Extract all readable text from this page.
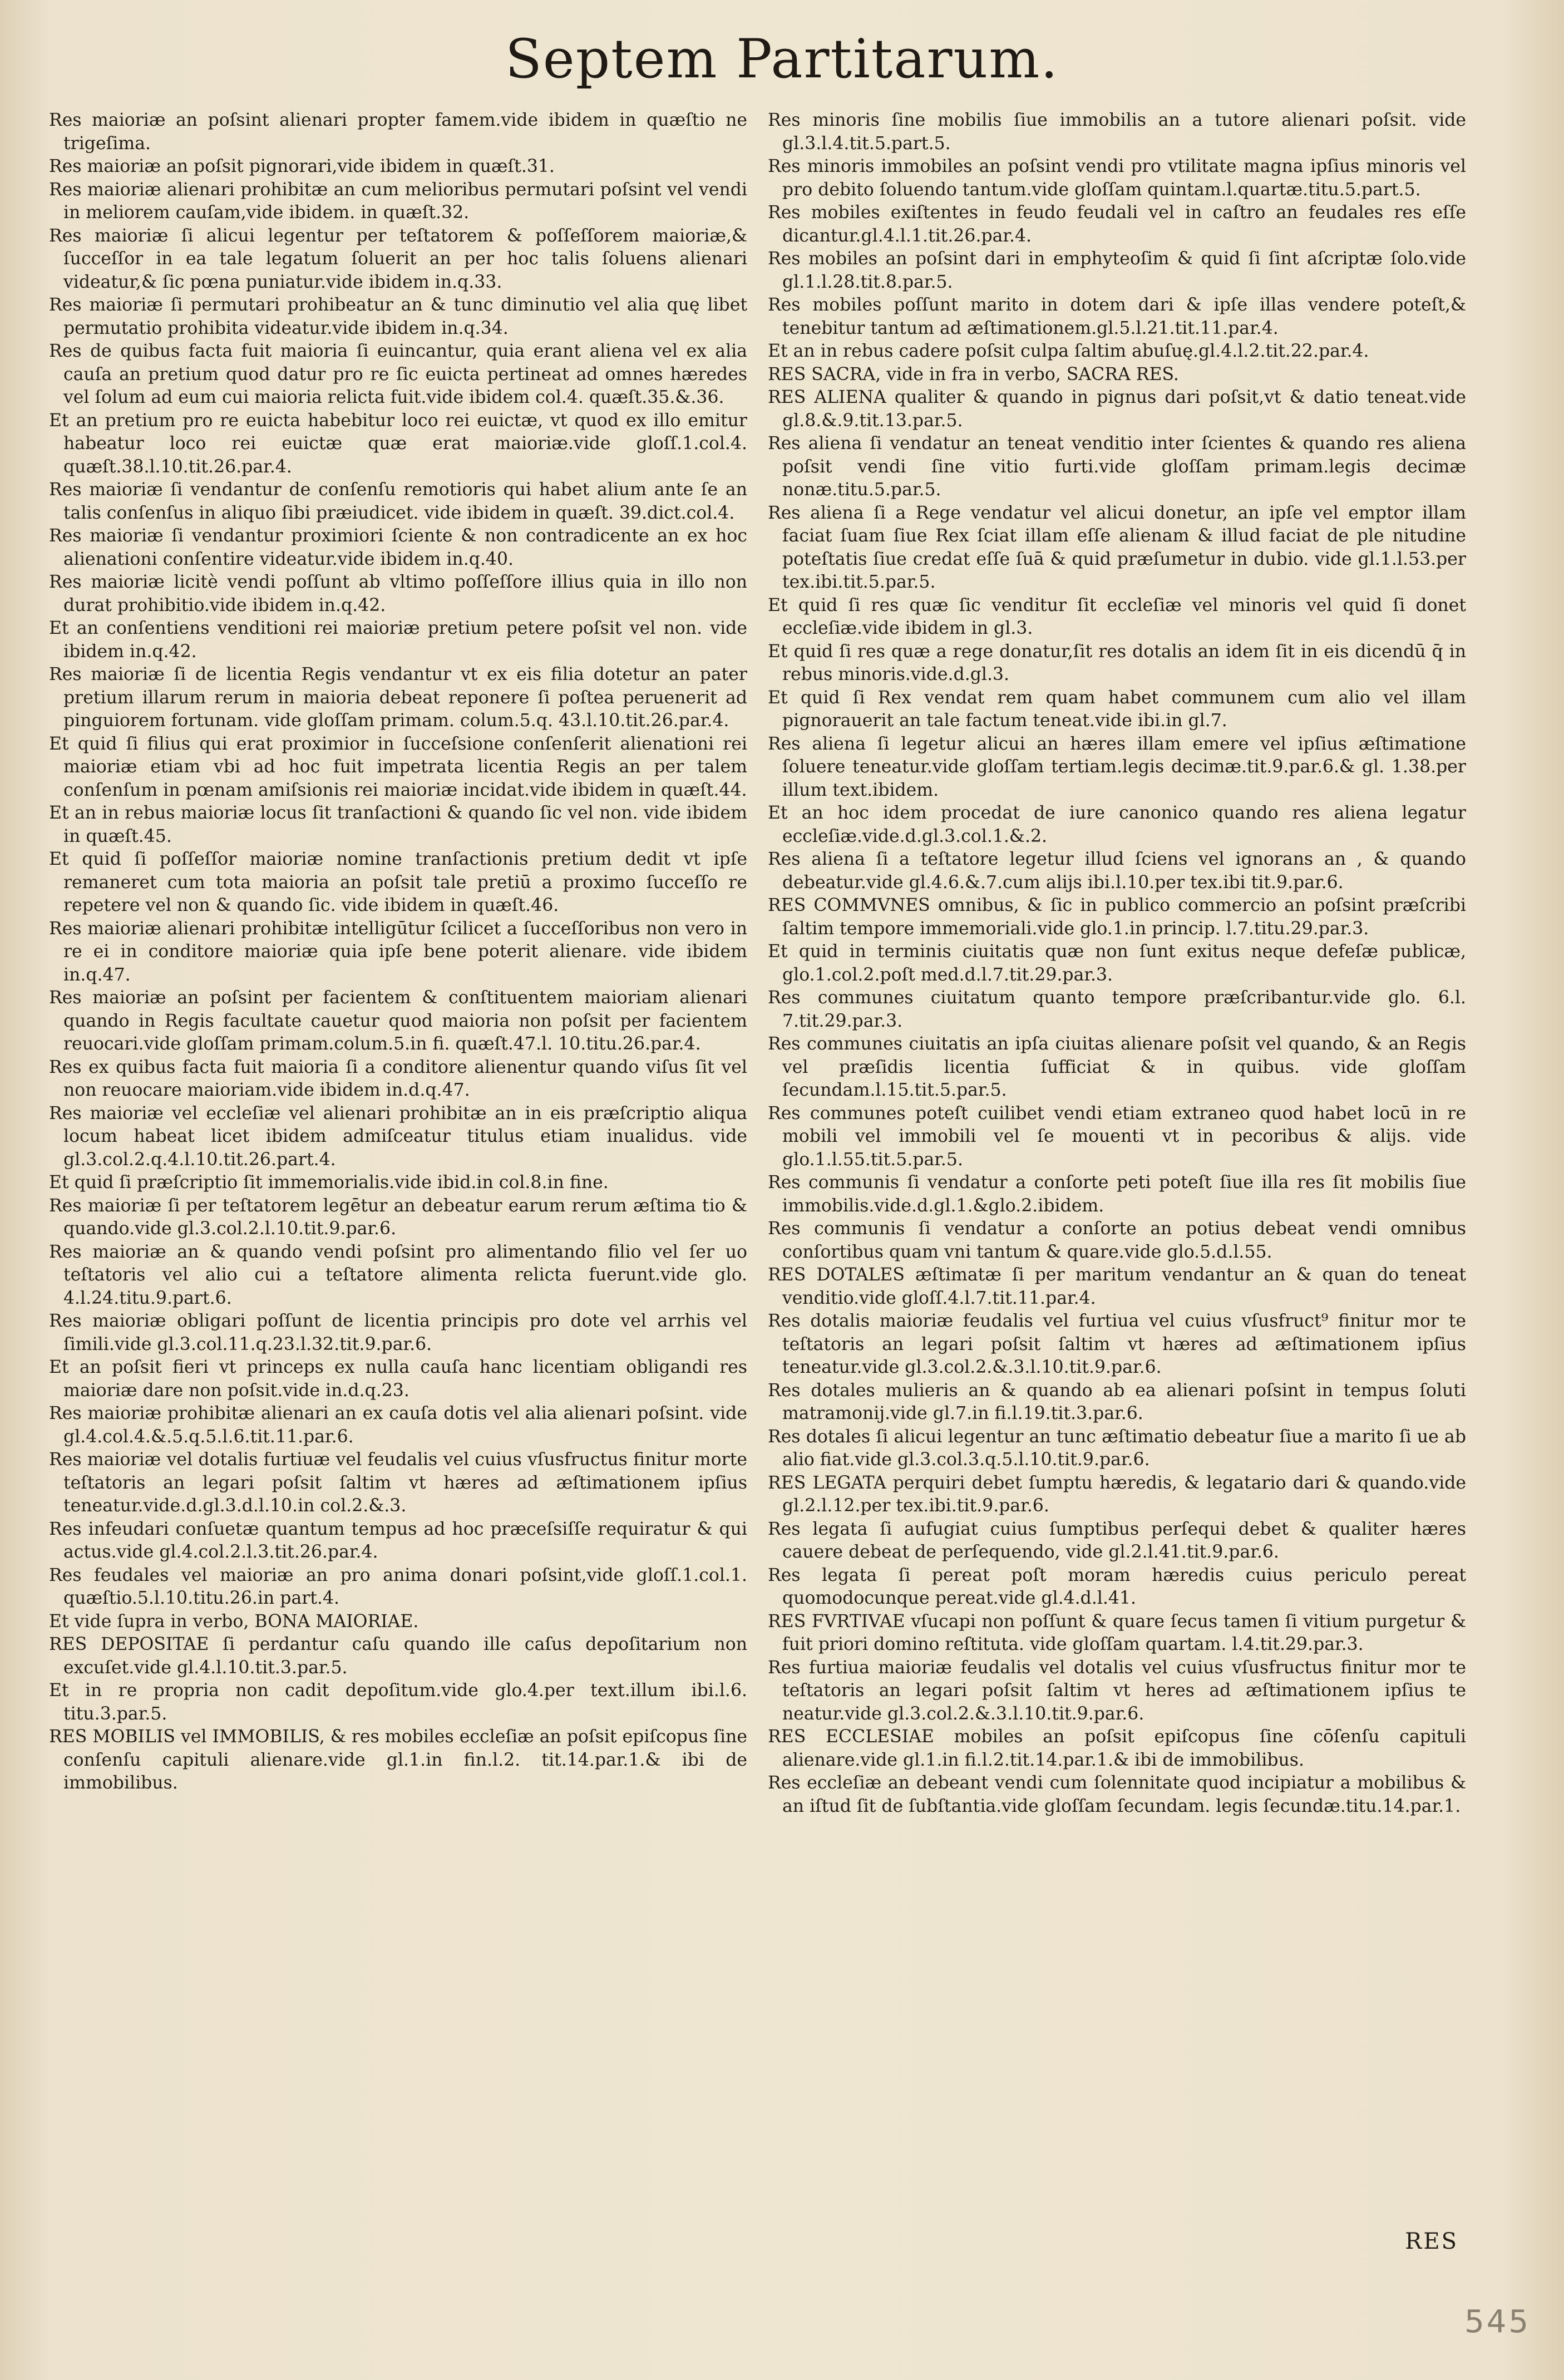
Septem Partitarum.
Res maioriæ an poſsint alienari propter famem.vide ibidem in quæſtio ne trigeſima.
Res maioriæ an poſsit pignorari,vide ibidem in quæſt.31.
Res maioriæ alienari prohibitæ an cum melioribus permutari poſsint vel vendi in meliorem cauſam,vide ibidem. in quæſt.32.
Res maioriæ ſi alicui legentur per teſtatorem & poſſeſſorem maioriæ,& ſucceſſor in ea tale legatum ſoluerit an per hoc talis ſoluens alienari videatur,& ſic pœna puniatur.vide ibidem in.q.33.
Res maioriæ ſi permutari prohibeatur an & tunc diminutio vel alia quę libet permutatio prohibita videatur.vide ibidem in.q.34.
Res de quibus facta fuit maioria ſi euincantur, quia erant aliena vel ex alia cauſa an pretium quod datur pro re ſic euicta pertineat ad omnes hæredes vel ſolum ad eum cui maioria relicta fuit.vide ibidem col.4. quæſt.35.&.36.
Et an pretium pro re euicta habebitur loco rei euictæ, vt quod ex illo emitur habeatur loco rei euictæ quæ erat maioriæ.vide gloſſ.1.col.4. quæſt.38.l.10.tit.26.par.4.
Res maioriæ ſi vendantur de conſenſu remotioris qui habet alium ante ſe an talis conſenſus in aliquo ſibi præiudicet. vide ibidem in quæſt. 39.dict.col.4.
Res maioriæ ſi vendantur proximiori ſciente & non contradicente an ex hoc alienationi conſentire videatur.vide ibidem in.q.40.
Res maioriæ licitè vendi poſſunt ab vltimo poſſeſſore illius quia in illo non durat prohibitio.vide ibidem in.q.42.
Et an conſentiens venditioni rei maioriæ pretium petere poſsit vel non. vide ibidem in.q.42.
Res maioriæ ſi de licentia Regis vendantur vt ex eis filia dotetur an pater pretium illarum rerum in maioria debeat reponere ſi poſtea peruenerit ad pinguiorem fortunam. vide gloſſam primam. colum.5.q. 43.l.10.tit.26.par.4.
Et quid ſi filius qui erat proximior in ſucceſsione conſenſerit alienationi rei maioriæ etiam vbi ad hoc fuit impetrata licentia Regis an per talem conſenſum in pœnam amiſsionis rei maioriæ incidat.vide ibidem in quæſt.44.
Et an in rebus maioriæ locus ſit tranſactioni & quando ſic vel non. vide ibidem in quæſt.45.
Et quid ſi poſſeſſor maioriæ nomine tranſactionis pretium dedit vt ipſe remaneret cum tota maioria an poſsit tale pretiū a proximo ſucceſſo re repetere vel non & quando ſic. vide ibidem in quæſt.46.
Res maioriæ alienari prohibitæ intelligūtur ſcilicet a ſucceſſoribus non vero in re ei in conditore maioriæ quia ipſe bene poterit alienare. vide ibidem in.q.47.
Res maioriæ an poſsint per facientem & conſtituentem maioriam alienari quando in Regis facultate cauetur quod maioria non poſsit per facientem reuocari.vide gloſſam primam.colum.5.in fi. quæſt.47.l. 10.titu.26.par.4.
Res ex quibus facta fuit maioria ſi a conditore alienentur quando viſus ſit vel non reuocare maioriam.vide ibidem in.d.q.47.
Res maioriæ vel eccleſiæ vel alienari prohibitæ an in eis præſcriptio aliqua locum habeat licet ibidem admiſceatur titulus etiam inualidus. vide gl.3.col.2.q.4.l.10.tit.26.part.4.
Et quid ſi præſcriptio ſit immemorialis.vide ibid.in col.8.in fine.
Res maioriæ ſi per teſtatorem legētur an debeatur earum rerum æſtima tio & quando.vide gl.3.col.2.l.10.tit.9.par.6.
Res maioriæ an & quando vendi poſsint pro alimentando filio vel ſer uo teſtatoris vel alio cui a teſtatore alimenta relicta fuerunt.vide glo. 4.l.24.titu.9.part.6.
Res maioriæ obligari poſſunt de licentia principis pro dote vel arrhis vel ſimili.vide gl.3.col.11.q.23.l.32.tit.9.par.6.
Et an poſsit fieri vt princeps ex nulla cauſa hanc licentiam obligandi res maioriæ dare non poſsit.vide in.d.q.23.
Res maioriæ prohibitæ alienari an ex cauſa dotis vel alia alienari poſsint. vide gl.4.col.4.&.5.q.5.l.6.tit.11.par.6.
Res maioriæ vel dotalis furtiuæ vel feudalis vel cuius vſusfructus finitur morte teſtatoris an legari poſsit ſaltim vt hæres ad æſtimationem ipſius teneatur.vide.d.gl.3.d.l.10.in col.2.&.3.
Res infeudari conſuetæ quantum tempus ad hoc præceſsiſſe requiratur & qui actus.vide gl.4.col.2.l.3.tit.26.par.4.
Res feudales vel maioriæ an pro anima donari poſsint,vide gloſſ.1.col.1. quæſtio.5.l.10.titu.26.in part.4.
Et vide ſupra in verbo, BONA MAIORIAE.
RES DEPOSITAE ſi perdantur caſu quando ille caſus depoſitarium non excuſet.vide gl.4.l.10.tit.3.par.5.
Et in re propria non cadit depoſitum.vide glo.4.per text.illum ibi.l.6. titu.3.par.5.
RES MOBILIS vel IMMOBILIS, & res mobiles eccleſiæ an poſsit epiſcopus ſine conſenſu capituli alienare.vide gl.1.in fin.l.2. tit.14.par.1.& ibi de immobilibus.
Res minoris ſine mobilis ſiue immobilis an a tutore alienari poſsit. vide gl.3.l.4.tit.5.part.5.
Res minoris immobiles an poſsint vendi pro vtilitate magna ipſius minoris vel pro debito ſoluendo tantum.vide gloſſam quintam.l.quartæ.titu.5.part.5.
Res mobiles exiſtentes in feudo feudali vel in caſtro an feudales res eſſe dicantur.gl.4.l.1.tit.26.par.4.
Res mobiles an poſsint dari in emphyteoſim & quid ſi ſint aſcriptæ ſolo.vide gl.1.l.28.tit.8.par.5.
Res mobiles poſſunt marito in dotem dari & ipſe illas vendere poteſt,& tenebitur tantum ad æſtimationem.gl.5.l.21.tit.11.par.4.
Et an in rebus cadere poſsit culpa ſaltim abuſuę.gl.4.l.2.tit.22.par.4.
RES SACRA, vide in fra in verbo, SACRA RES.
RES ALIENA qualiter & quando in pignus dari poſsit,vt & datio teneat.vide gl.8.&.9.tit.13.par.5.
Res aliena ſi vendatur an teneat venditio inter ſcientes & quando res aliena poſsit vendi ſine vitio furti.vide gloſſam primam.legis decimæ nonæ.titu.5.par.5.
Res aliena ſi a Rege vendatur vel alicui donetur, an ipſe vel emptor illam faciat ſuam ſiue Rex ſciat illam eſſe alienam & illud faciat de ple nitudine poteſtatis ſiue credat eſſe ſuā & quid præſumetur in dubio. vide gl.1.l.53.per tex.ibi.tit.5.par.5.
Et quid ſi res quæ ſic venditur ſit eccleſiæ vel minoris vel quid ſi donet eccleſiæ.vide ibidem in gl.3.
Et quid ſi res quæ a rege donatur,ſit res dotalis an idem ſit in eis dicendū q̄ in rebus minoris.vide.d.gl.3.
Et quid ſi Rex vendat rem quam habet communem cum alio vel illam pignorauerit an tale factum teneat.vide ibi.in gl.7.
Res aliena ſi legetur alicui an hæres illam emere vel ipſius æſtimatione ſoluere teneatur.vide gloſſam tertiam.legis decimæ.tit.9.par.6.& gl. 1.38.per illum text.ibidem.
Et an hoc idem procedat de iure canonico quando res aliena legatur eccleſiæ.vide.d.gl.3.col.1.&.2.
Res aliena ſi a teſtatore legetur illud ſciens vel ignorans an , & quando debeatur.vide gl.4.6.&.7.cum alijs ibi.l.10.per tex.ibi tit.9.par.6.
RES COMMVNES omnibus, & ſic in publico commercio an poſsint præſcribi ſaltim tempore immemoriali.vide glo.1.in princip. l.7.titu.29.par.3.
Et quid in terminis ciuitatis quæ non ſunt exitus neque defeſæ publicæ, glo.1.col.2.poſt med.d.l.7.tit.29.par.3.
Res communes ciuitatum quanto tempore præſcribantur.vide glo. 6.l. 7.tit.29.par.3.
Res communes ciuitatis an ipſa ciuitas alienare poſsit vel quando, & an Regis vel præſidis licentia ſufficiat & in quibus. vide gloſſam ſecundam.l.15.tit.5.par.5.
Res communes poteſt cuilibet vendi etiam extraneo quod habet locū in re mobili vel immobili vel ſe mouenti vt in pecoribus & alijs. vide glo.1.l.55.tit.5.par.5.
Res communis ſi vendatur a conſorte peti poteſt ſiue illa res ſit mobilis ſiue immobilis.vide.d.gl.1.&glo.2.ibidem.
Res communis ſi vendatur a conſorte an potius debeat vendi omnibus conſortibus quam vni tantum & quare.vide glo.5.d.l.55.
RES DOTALES æſtimatæ ſi per maritum vendantur an & quan do teneat venditio.vide gloſſ.4.l.7.tit.11.par.4.
Res dotalis maioriæ feudalis vel furtiua vel cuius vſusfruct⁹ finitur mor te teſtatoris an legari poſsit ſaltim vt hæres ad æſtimationem ipſius teneatur.vide gl.3.col.2.&.3.l.10.tit.9.par.6.
Res dotales mulieris an & quando ab ea alienari poſsint in tempus ſoluti matramonij.vide gl.7.in fi.l.19.tit.3.par.6.
Res dotales ſi alicui legentur an tunc æſtimatio debeatur ſiue a marito ſi ue ab alio fiat.vide gl.3.col.3.q.5.l.10.tit.9.par.6.
RES LEGATA perquiri debet ſumptu hæredis, & legatario dari & quando.vide gl.2.l.12.per tex.ibi.tit.9.par.6.
Res legata ſi aufugiat cuius ſumptibus perſequi debet & qualiter hæres cauere debeat de perſequendo, vide gl.2.l.41.tit.9.par.6.
Res legata ſi pereat poſt moram hæredis cuius periculo pereat quomodocunque pereat.vide gl.4.d.l.41.
RES FVRTIVAE vſucapi non poſſunt & quare ſecus tamen ſi vitium purgetur & fuit priori domino reſtituta. vide gloſſam quartam. l.4.tit.29.par.3.
Res furtiua maioriæ feudalis vel dotalis vel cuius vſusfructus finitur mor te teſtatoris an legari poſsit ſaltim vt heres ad æſtimationem ipſius te neatur.vide gl.3.col.2.&.3.l.10.tit.9.par.6.
RES ECCLESIAE mobiles an poſsit epiſcopus ſine cōſenſu capituli alienare.vide gl.1.in fi.l.2.tit.14.par.1.& ibi de immobilibus.
Res eccleſiæ an debeant vendi cum ſolennitate quod incipiatur a mobilibus & an iſtud ſit de ſubſtantia.vide gloſſam ſecundam. legis ſecundæ.titu.14.par.1.
RES
545
